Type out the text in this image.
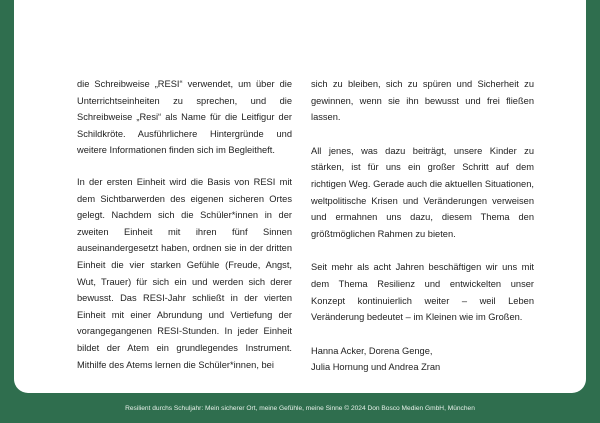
die Schreibweise „RESI“ verwendet, um über die Unterrichtseinheiten zu sprechen, und die Schreibweise „Resi“ als Name für die Leitfigur der Schildkröte. Ausführlichere Hintergründe und weitere Informationen finden sich im Begleitheft.

In der ersten Einheit wird die Basis von RESI mit dem Sichtbarwerden des eigenen sicheren Ortes gelegt. Nachdem sich die Schüler*innen in der zweiten Einheit mit ihren fünf Sinnen auseinandergesetzt haben, ordnen sie in der dritten Einheit die vier starken Gefühle (Freude, Angst, Wut, Trauer) für sich ein und werden sich derer bewusst. Das RESI-Jahr schließt in der vierten Einheit mit einer Abrundung und Vertiefung der vorangegangenen RESI-Stunden. In jeder Einheit bildet der Atem ein grundlegendes Instrument. Mithilfe des Atems lernen die Schüler*innen, bei

sich zu bleiben, sich zu spüren und Sicherheit zu gewinnen, wenn sie ihn bewusst und frei fließen lassen.

All jenes, was dazu beiträgt, unsere Kinder zu stärken, ist für uns ein großer Schritt auf dem richtigen Weg. Gerade auch die aktuellen Situationen, weltpolitische Krisen und Veränderungen verweisen und ermahnen uns dazu, diesem Thema den größtmöglichen Rahmen zu bieten.

Seit mehr als acht Jahren beschäftigen wir uns mit dem Thema Resilienz und entwickelten unser Konzept kontinuierlich weiter – weil Leben Veränderung bedeutet – im Kleinen wie im Großen.

Hanna Acker, Dorena Genge,
Julia Hornung und Andrea Zran

Resilient durchs Schuljahr: Mein sicherer Ort, meine Gefühle, meine Sinne © 2024 Don Bosco Medien GmbH, München
